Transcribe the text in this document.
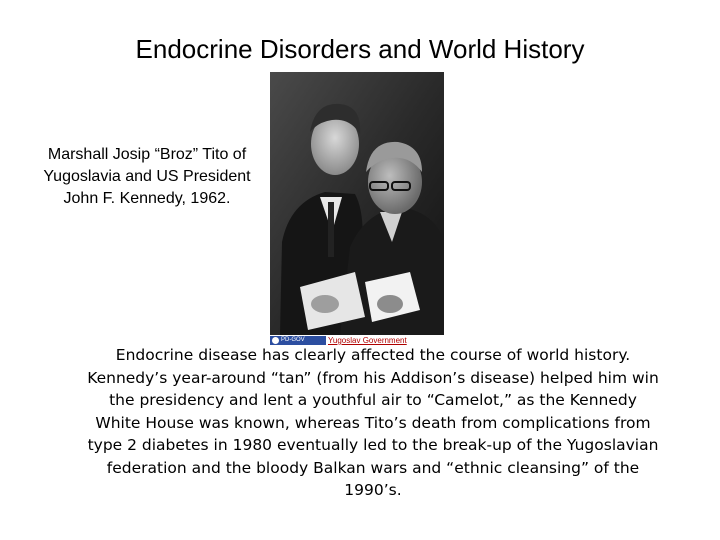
Endocrine Disorders and World History
Marshall Josip “Broz” Tito of Yugoslavia and US President John F. Kennedy, 1962.
PD-GOV	Yugoslav Government
Endocrine disease has clearly affected the course of world history. Kennedy’s year-around “tan” (from his Addison’s disease) helped him win the presidency and lent a youthful air to “Camelot,” as the Kennedy White House was known, whereas Tito’s death from complications from type 2 diabetes in 1980 eventually led to the break-up of the Yugoslavian federation and the bloody Balkan wars and “ethnic cleansing” of the 1990’s.
